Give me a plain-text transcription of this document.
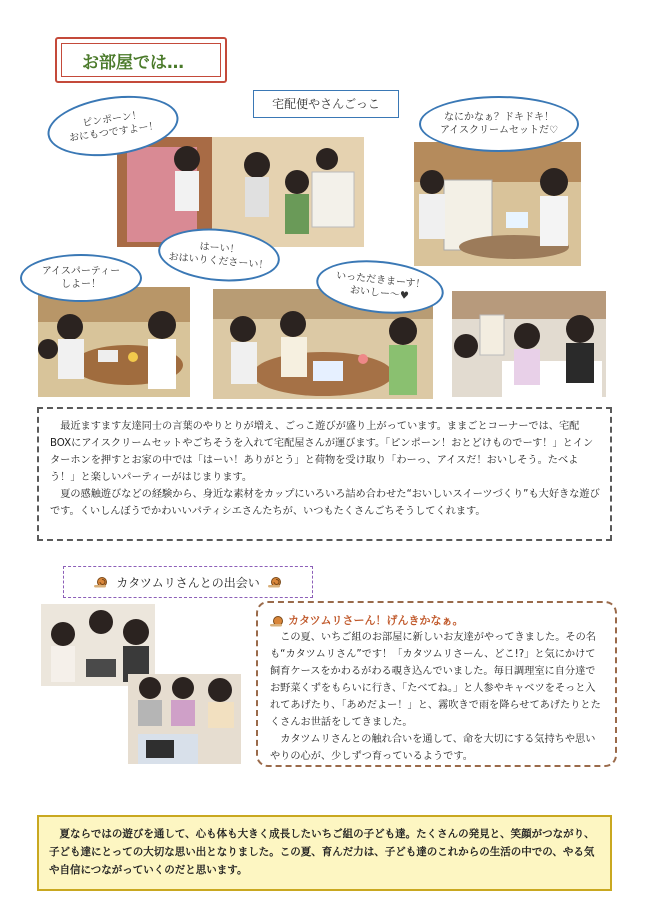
お部屋では…
宅配便やさんごっこ
ピンポーン！
おにもつですよー！
なにかなぁ？ドキドキ！
アイスクリームセットだ♡
はーい！
おはいりくださーい！
アイスパーティー
しよー！	いっただきまーす！
おいしー～♥

最近ますます友達同士の言葉のやりとりが増え、ごっこ遊びが盛り上がっています。ままごとコーナーでは、宅配BOXにアイスクリームセットやごちそうを入れて宅配屋さんが運びます。「ピンポーン！おとどけものでーす！」とインターホンを押すとお家の中では「はーい！ありがとう」と荷物を受け取り「わーっ、アイスだ！おいしそう。たべよう！」と楽しいパーティーがはじまります。

夏の感触遊びなどの経験から、身近な素材をカップにいろいろ詰め合わせた“おいしいスイーツづくり”も大好きな遊びです。くいしんぼうでかわいいパティシエさんたちが、いつもたくさんごちそうしてくれます。

カタツムリさんとの出会い
カタツムリさーん！げんきかなぁ。

この夏、いちご組のお部屋に新しいお友達がやってきました。その名も“カタツムリさん”です！「カタツムリさーん、どこ!?」と気にかけて飼育ケースをかわるがわる覗き込んでいました。毎日調理室に自分達でお野菜くずをもらいに行き、「たべてね。」と人参やキャベツをそっと入れてあげたり、「あめだよー！」と、霧吹きで雨を降らせてあげたりとたくさんお世話をしてきました。

カタツムリさんとの触れ合いを通して、命を大切にする気持ちや思いやりの心が、少しずつ育っているようです。

夏ならではの遊びを通して、心も体も大きく成長したいちご組の子ども達。たくさんの発見と、笑顔がつながり、子ども達にとっての大切な思い出となりました。この夏、育んだ力は、子ども達のこれからの生活の中での、やる気や自信につながっていくのだと思います。
